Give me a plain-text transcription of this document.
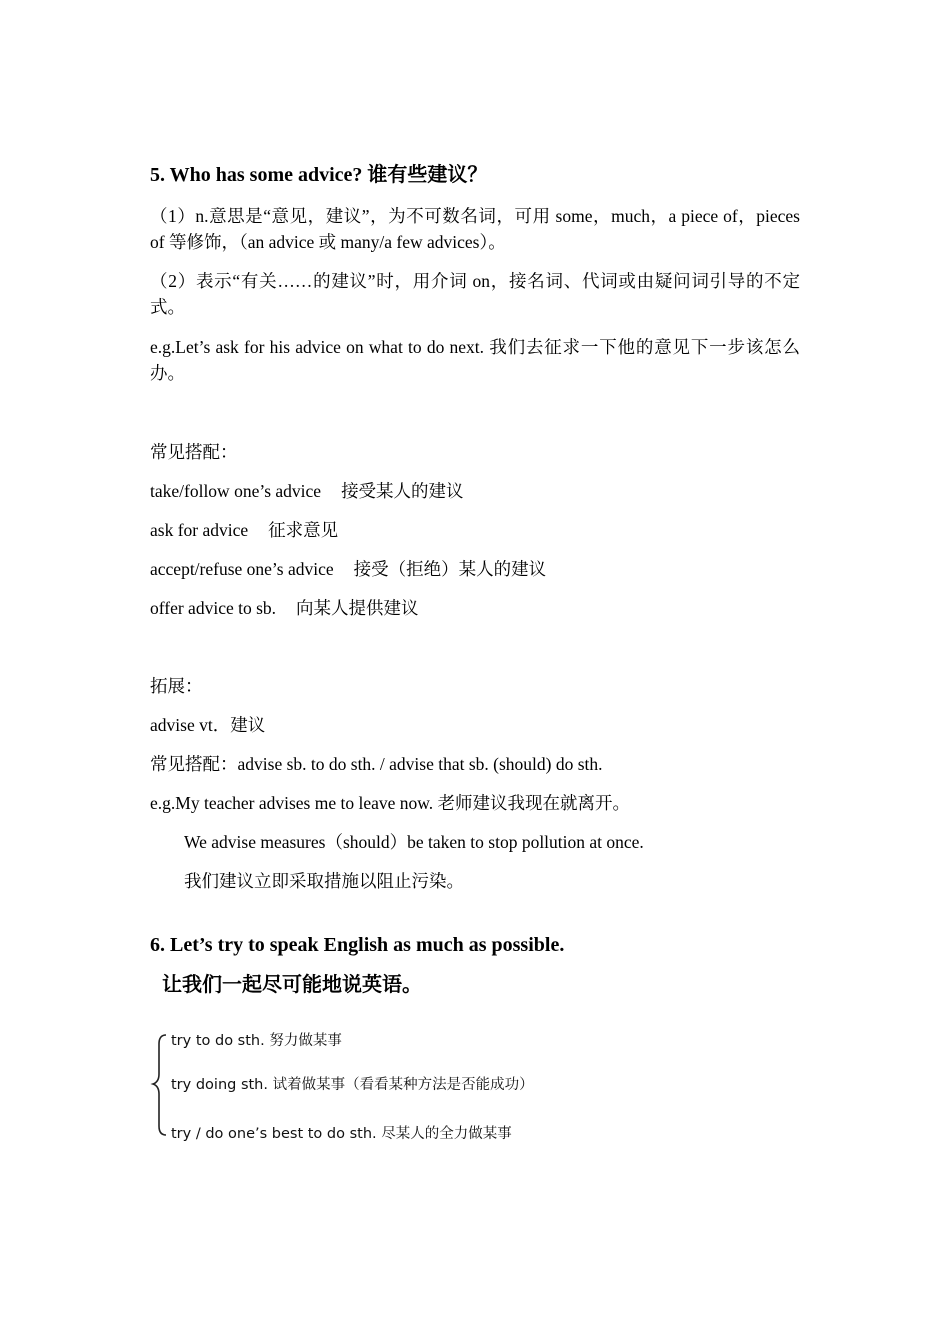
5. Who has some advice? 谁有些建议？
（1）n.意思是“意见，建议”，为不可数名词，可用 some，much，a piece of，pieces of 等修饰，（an advice 或 many/a few advices）。
（2）表示“有关……的建议”时，用介词 on，接名词、代词或由疑问词引导的不定式。
e.g.Let’s ask for his advice on what to do next. 我们去征求一下他的意见下一步该怎么办。
常见搭配：
take/follow one’s advice 接受某人的建议
ask for advice 征求意见
accept/refuse one’s advice 接受（拒绝）某人的建议
offer advice to sb. 向某人提供建议
拓展：
advise vt．建议
常见搭配：advise sb. to do sth. / advise that sb. (should) do sth.
e.g.My teacher advises me to leave now. 老师建议我现在就离开。
We advise measures（should）be taken to stop pollution at once.
我们建议立即采取措施以阻止污染。
6. Let’s try to speak English as much as possible.
让我们一起尽可能地说英语。
try to do sth. 努力做某事
try doing sth. 试着做某事（看看某种方法是否能成功）
try / do one’s best to do sth. 尽某人的全力做某事
